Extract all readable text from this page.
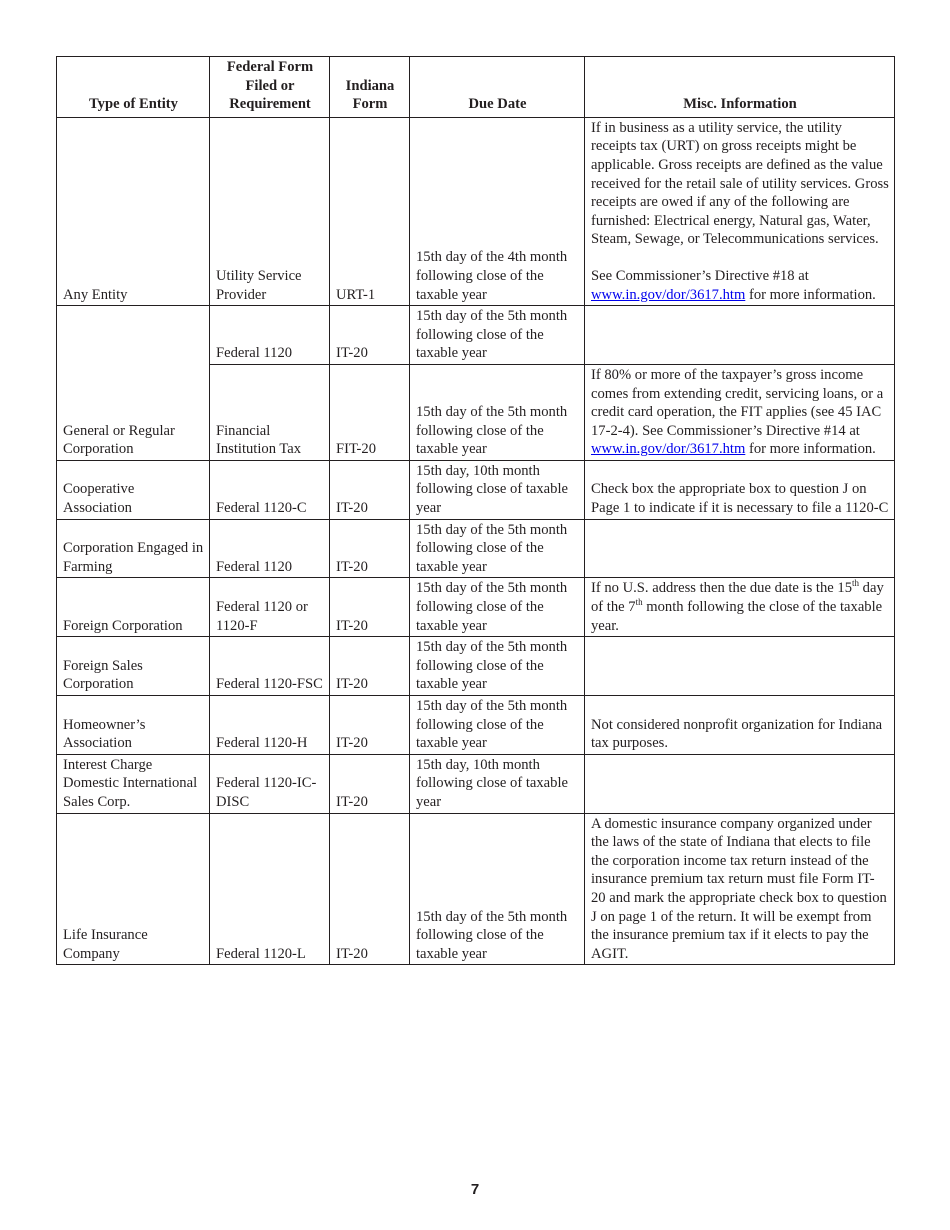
Type of Entity	Federal Form Filed or Requirement	Indiana Form	Due Date	Misc. Information
Any Entity	Utility Service Provider	URT-1	15th day of the 4th month following close of the taxable year	If in business as a utility service, the utility receipts tax (URT) on gross receipts might be applicable. Gross receipts are defined as the value received for the retail sale of utility services. Gross receipts are owed if any of the following are furnished: Electrical energy, Natural gas, Water, Steam, Sewage, or Telecommunications services.
See Commissioner’s Directive #18 at www.in.gov/dor/3617.htm for more information.

General or Regular Corporation	Federal 1120	IT-20	15th day of the 5th month following close of the taxable year	
	Financial Institution Tax	FIT-20	15th day of the 5th month following close of the taxable year	If 80% or more of the taxpayer’s gross income comes from extending credit, servicing loans, or a credit card operation, the FIT applies (see 45 IAC 17-2-4). See Commissioner’s Directive #14 at www.in.gov/dor/3617.htm for more information.
Cooperative Association	Federal 1120-C	IT-20	15th day, 10th month following close of taxable year	Check box the appropriate box to question J on Page 1 to indicate if it is necessary to file a 1120-C
Corporation Engaged in Farming	Federal 1120	IT-20	15th day of the 5th month following close of the taxable year	
Foreign Corporation	Federal 1120 or 1120-F	IT-20	15th day of the 5th month following close of the taxable year	If no U.S. address then the due date is the 15th day of the 7th month following the close of the taxable year.
Foreign Sales Corporation	Federal 1120-FSC	IT-20	15th day of the 5th month following close of the taxable year	
Homeowner’s Association	Federal 1120-H	IT-20	15th day of the 5th month following close of the taxable year	Not considered nonprofit organization for Indiana tax purposes.
Interest Charge Domestic International Sales Corp.	Federal 1120-IC-DISC	IT-20	15th day, 10th month following close of taxable year	
Life Insurance Company	Federal 1120-L	IT-20	15th day of the 5th month following close of the taxable year	A domestic insurance company organized under the laws of the state of Indiana that elects to file the corporation income tax return instead of the insurance premium tax return must file Form IT-20 and mark the appropriate check box to question J on page 1 of the return. It will be exempt from the insurance premium tax if it elects to pay the AGIT.
7
